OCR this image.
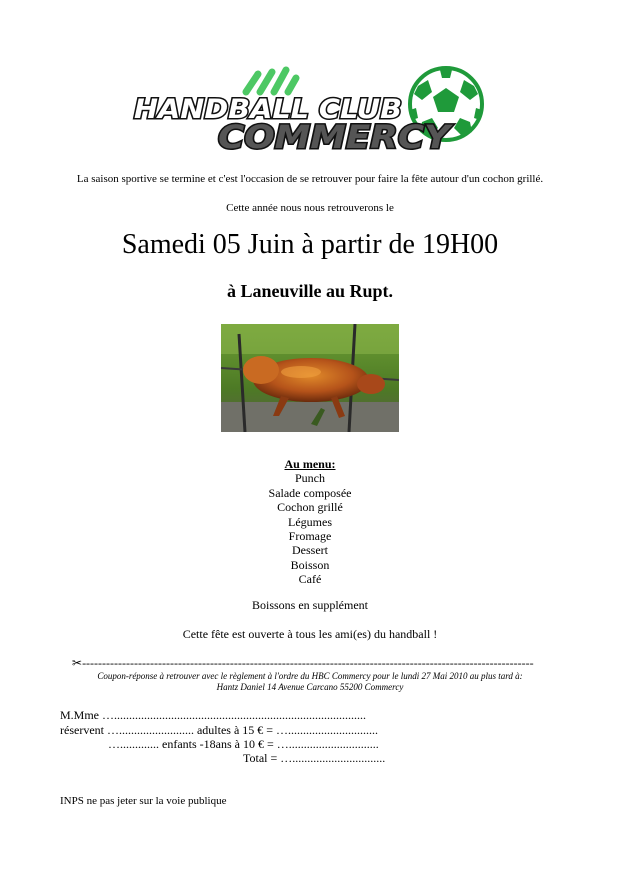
HANDBALL CLUB
COMMERCY
La saison sportive se termine et c'est l'occasion de se retrouver pour faire la fête autour d'un cochon grillé.
Cette année nous nous retrouverons le
Samedi 05 Juin à partir de 19H00
à Laneuville au Rupt.
Au menu:
Punch
Salade composée
Cochon grillé
Légumes
Fromage
Dessert
Boisson
Café
Boissons en supplément
Cette fête est ouverte à tous les ami(es) du handball !
✂-----------------------------------------------------------------------------------------------------------------
Coupon-réponse à retrouver avec le règlement à l'ordre du HBC Commercy pour le lundi 27 Mai 2010 au plus tard à:
Hantz Daniel 14 Avenue Carcano 55200 Commercy
M.Mme …....................................................................................
réservent …......................... adultes à 15 € = …..............................
…............. enfants -18ans à 10 € = …..............................
Total = …...............................
INPS ne pas jeter sur la voie publique
